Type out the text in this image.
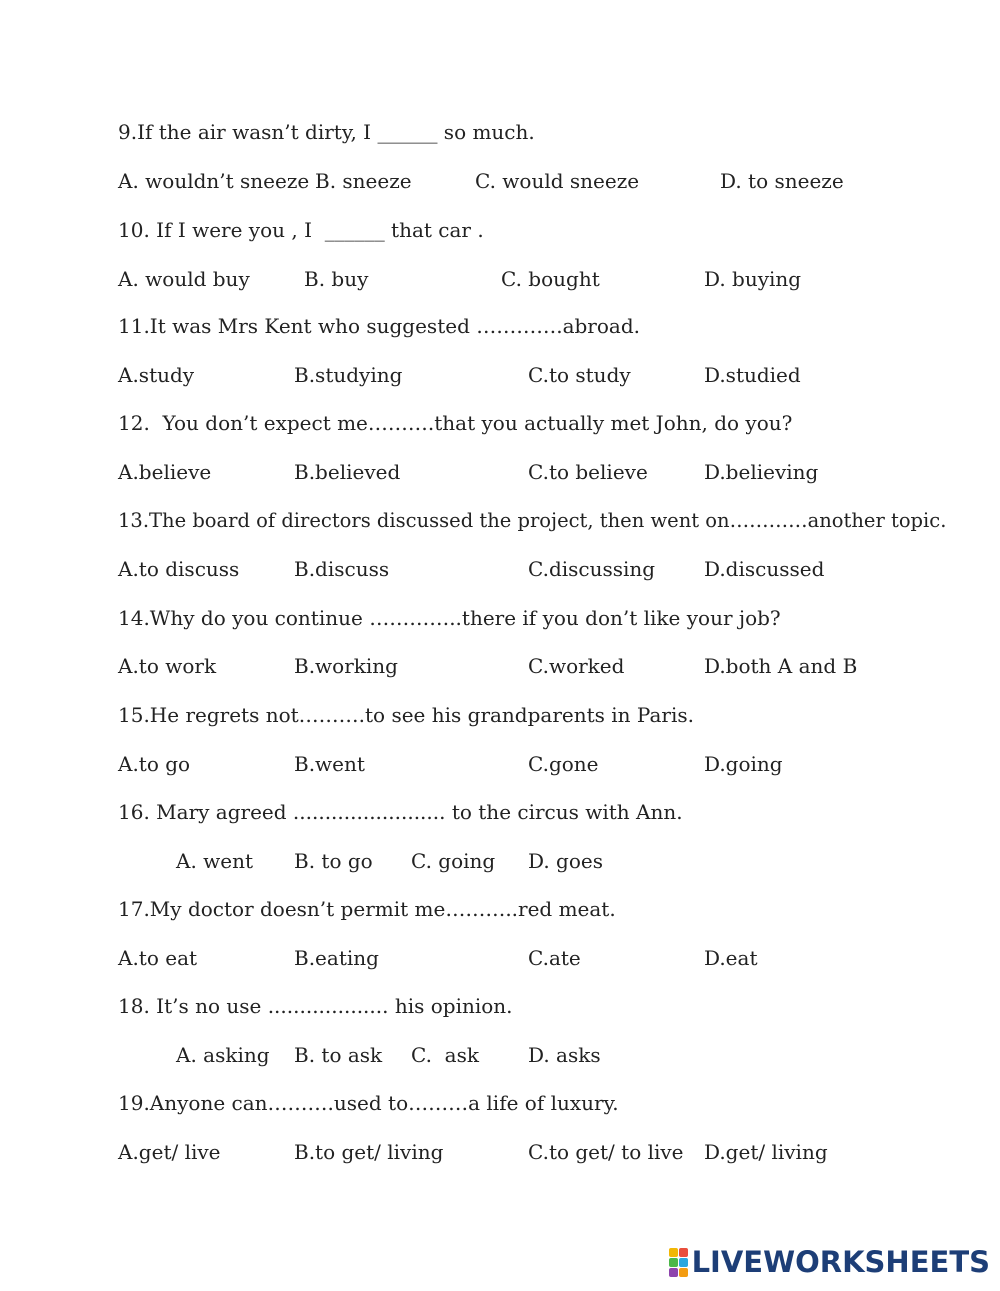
9.If the air wasn’t dirty, I ______ so much.
A. wouldn’t sneeze B. sneeze	C. would sneeze	D. to sneeze
10. If I were you , I  ______ that car .
A. would buy	B. buy	C. bought	D. buying
11.It was Mrs Kent who suggested ………….abroad.
A.study	B.studying	C.to study	D.studied
12.  You don’t expect me……….that you actually met John, do you?
A.believe	B.believed	C.to believe	D.believing
13.The board of directors discussed the project, then went on…………another topic.
A.to discuss	B.discuss	C.discussing D.discussed
14.Why do you continue …………..there if you don’t like your job?
A.to work	B.working	C.worked	D.both A and B
15.He regrets not……….to see his grandparents in Paris.
A.to go	B.went	C.gone	D.going
16. Mary agreed ........................ to the circus with Ann.
A. went B. to go C. going D. goes
17.My doctor doesn’t permit me………..red meat.
A.to eat	B.eating	C.ate	D.eat
18. It’s no use ................... his opinion.
A. asking B. to ask C.  ask D. asks
19.Anyone can……….used to………a life of luxury.
A.get/ live	B.to get/ living	C.to get/ to live D.get/ living
LIVEWORKSHEETS
